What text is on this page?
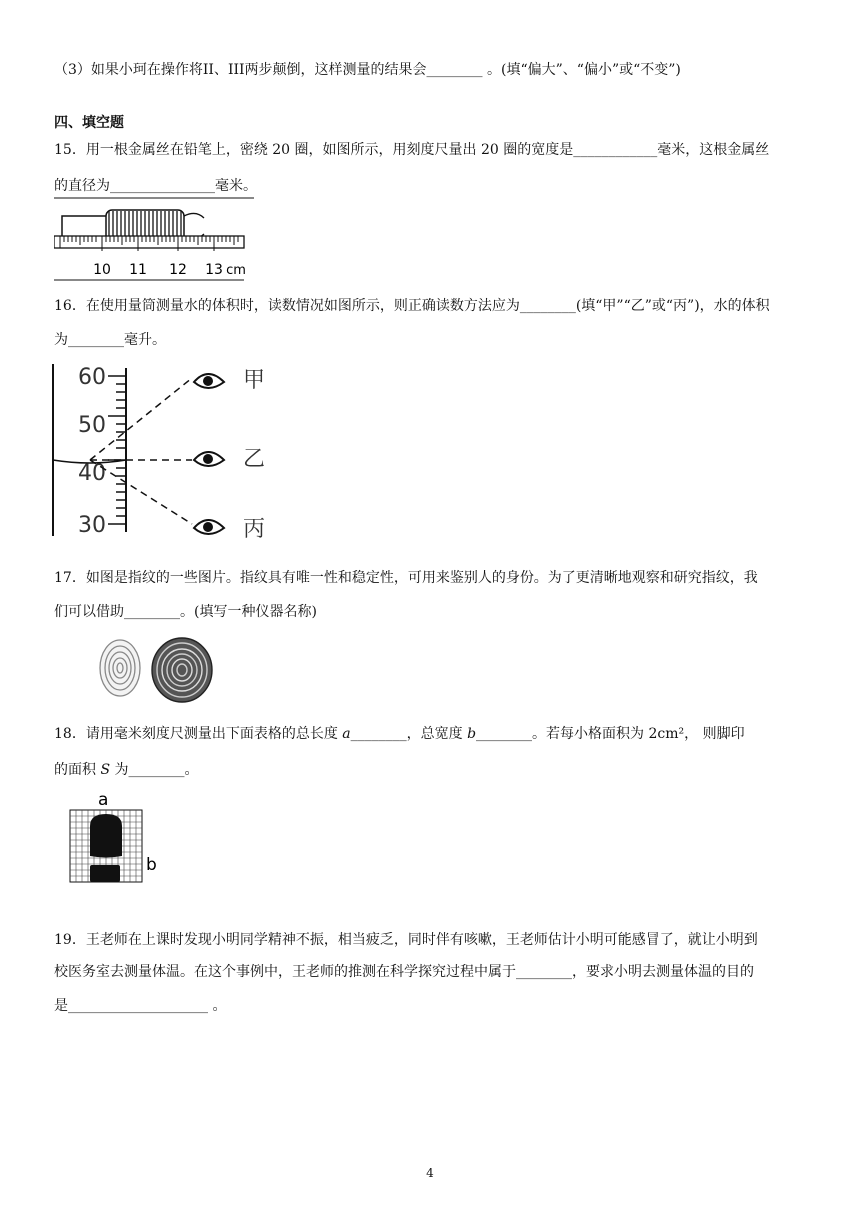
（3）如果小珂在操作将II、III两步颠倒，这样测量的结果会________ 。(填“偏大”、“偏小”或“不变”)
四、填空题
15．用一根金属丝在铅笔上，密绕 20 圈，如图所示，用刻度尺量出 20 圈的宽度是____________毫米，这根金属丝
的直径为_______________毫米。
10 11 12 13 cm
16．在使用量筒测量水的体积时，读数情况如图所示，则正确读数方法应为________(填“甲”“乙”或“丙”)，水的体积
为________毫升。
60
50
40
30
甲
乙
丙
17．如图是指纹的一些图片。指纹具有唯一性和稳定性，可用来鉴别人的身份。为了更清晰地观察和研究指纹，我
们可以借助________。(填写一种仪器名称)
18．请用毫米刻度尺测量出下面表格的总长度 a________，总宽度 b________。若每小格面积为 2cm²， 则脚印
的面积 S 为________。
a
b
19．王老师在上课时发现小明同学精神不振，相当疲乏，同时伴有咳嗽，王老师估计小明可能感冒了，就让小明到
校医务室去测量体温。在这个事例中，王老师的推测在科学探究过程中属于________，要求小明去测量体温的目的
是____________________ 。
4
